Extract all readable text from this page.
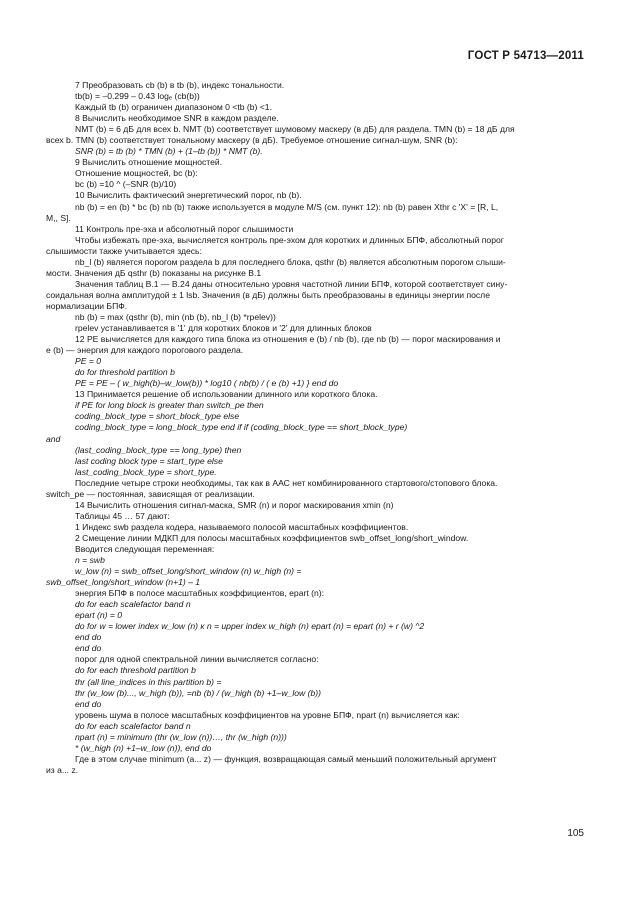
ГОСТ Р 54713—2011
7 Преобразовать cb (b) в tb (b), индекс тональности.
tb(b) = –0.299 – 0.43 logₑ (cb(b))
Каждый tb (b) ограничен диапазоном 0 <tb (b) <1.
8 Вычислить необходимое SNR в каждом разделе.
NMT (b) = 6 дБ для всех b. NMT (b) соответствует шумовому маскеру (в дБ) для раздела. TMN (b) = 18 дБ для
всех b. TMN (b) соответствует тональному маскеру (в дБ). Требуемое отношение сигнал-шум, SNR (b):
SNR (b) = tb (b) * TMN (b) + (1–tb (b)) * NMT (b).
9 Вычислить отношение мощностей.
Отношение мощностей, bc (b):
bc (b) =10 ^ (–SNR (b)/10)
10 Вычислить фактический энергетический порог, nb (b).
nb (b) = en (b) * bc (b) nb (b) также используется в модуле M/S (см. пункт 12): nb (b) равен Xthr с 'X' = [R, L,
M,, S].
11 Контроль пре-эха и абсолютный порог слышимости
Чтобы избежать пре-эха, вычисляется контроль пре-эхом для коротких и длинных БПФ, абсолютный порог
слышимости также учитывается здесь:
nb_l (b) является порогом раздела b для последнего блока, qsthr (b) является абсолютным порогом слыши-
мости. Значения дБ qsthr (b) показаны на рисунке В.1
Значения таблиц В.1 — В.24 даны относительно уровня частотной линии БПФ, которой соответствует сину-
соидальная волна амплитудой ± 1 lsb. Значения (в дБ) должны быть преобразованы в единицы энергии после
нормализации БПФ.
nb (b) = max (qsthr (b), min (nb (b), nb_l (b) *rpelev))
rpelev устанавливается в '1' для коротких блоков и '2' для длинных блоков
12 PE вычисляется для каждого типа блока из отношения e (b) / nb (b), где nb (b) — порог маскирования и
e (b) — энергия для каждого порогового раздела.
PE = 0
do for threshold partition b
PE = PE – ( w_high(b)–w_low(b)) * log10 ( nb(b) / ( e (b) +1) } end do
13 Принимается решение об использовании длинного или короткого блока.
if PE for long block is greater than switch_pe then
coding_block_type = short_block_type else
coding_block_type = long_block_type end if if (coding_block_type == short_block_type)
and
(last_coding_block_type == long_type) then
last coding block type = start_type else
last_coding_block_type = short_type.
Последние четыре строки необходимы, так как в ААС нет комбинированного стартового/стопового блока.
switch_pe — постоянная, зависящая от реализации.
14 Вычислить отношения сигнал-маска, SMR (n) и порог маскирования xmin (n)
Таблицы 45 … 57 дают:
1 Индекс swb раздела кодера, называемого полосой масштабных коэффициентов.
2 Смещение линии МДКП для полосы масштабных коэффициентов swb_offset_long/short_window.
Вводится следующая переменная:
n = swb
w_low (n) = swb_offset_long/short_window (n) w_high (n) =
swb_offset_long/short_window (n+1) – 1
энергия БПФ в полосе масштабных коэффициентов, epart (n):
do for each scalefactor band n
epart (n) = 0
do for w = lower index w_low (n) к n = upper index w_high (n) epart (n) = epart (n) + r (w) ^2
end do
end do
порог для одной спектральной линии вычисляется согласно:
do for each threshold partition b
thr (all line_indices in this partition b) =
thr (w_low (b)..., w_high (b)), =nb (b) / (w_high (b) +1–w_low (b))
end do
уровень шума в полосе масштабных коэффициентов на уровне БПФ, npart (n) вычисляется как:
do for each scalefactor band n
npart (n) = minimum (thr (w_low (n))…, thr (w_high (n)))
* (w_high (n) +1–w_low (n)), end do
Где в этом случае minimum (a... z) — функция, возвращающая самый меньший положительный аргумент
из a... z.
105
